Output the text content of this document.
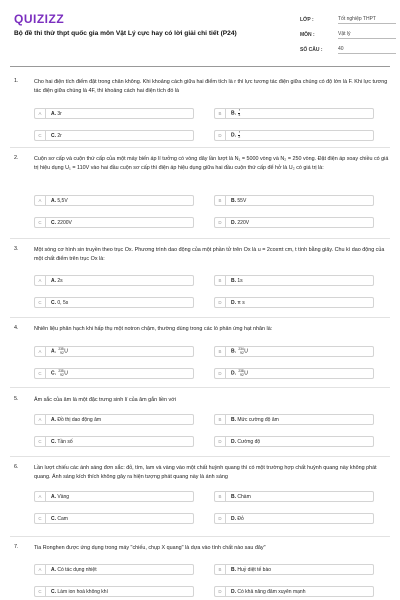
QUIZIZZ
Bộ đề thi thử thpt quốc gia môn Vật Lý cực hay có lời giải chi tiết (P24)
LỚP :	Tốt nghiệp THPT
MÔN :	Vật lý
SỐ CÂU :	40
1.	Cho hai điện tích điểm đặt trong chân không. Khi khoảng cách giữa hai điểm tích là r thì lực tương tác điện giữa chúng có độ lớn là F. Khi lực tương tác điện giữa chúng là 4F, thì khoảng cách hai điện tích đó là
A	A. 3r	B	B. $\frac{r}{4}$
C	C. 2r	D	D. $\frac{r}{2}$
2.	Cuộn sơ cấp và cuộn thứ cấp của một máy biến áp lí tưởng có vòng dây lần lượt là N₁ = 5000 vòng và N₂ = 250 vòng. Đặt điện áp xoay chiều có giá trị hiệu dụng U₁ = 110V vào hai đầu cuộn sơ cấp thì điện áp hiệu dụng giữa hai đầu cuộn thứ cấp để hở là U₂ có giá trị là:
A	A. 5,5V	B	B. 55V
C	C. 2200V	D	D. 220V
3.	Một sóng cơ hình sin truyền theo trục Ox. Phương trình dao động của một phần tử trên Ox là u = 2cosπt cm, t tính bằng giây. Chu kì dao động của một chất điểm trên trục Ox là:
A	A. 2s	B	B. 1s
C	C. 0, 5s	D	D. π s
4.	Nhiên liệu phân hạch khi hấp thụ một notron chậm, thường dùng trong các lò phản ứng hạt nhân là:
A	A. 235
92 U	B	B. 234
92 U
C	C. 235
92 U	D	D. 238
92 U
5.	Âm sắc của âm là một đặc trưng sinh lí của âm gắn liền với
A	A. Đồ thị dao động âm	B	B. Mức cường độ âm
C	C. Tần số	D	D. Cường độ
6.	Lần lượt chiếu các ánh sáng đơn sắc: đỏ, tím, lam và vàng vào một chất huỳnh quang thì có một trường hợp chất huỳnh quang này không phát quang. Ánh sáng kích thích không gây ra hiện tượng phát quang này là ánh sáng
A	A. Vàng	B	B. Chàm
C	C. Cam	D	D. Đỏ
7.	Tia Ronghen được ứng dụng trong máy "chiếu, chụp X quang" là dựa vào tính chất nào sau đây"
A	A. Có tác dụng nhiệt	B	B. Huỷ diệt tế bào
C	C. Làm ion hoá không khí	D	D. Có khả năng đâm xuyên mạnh
